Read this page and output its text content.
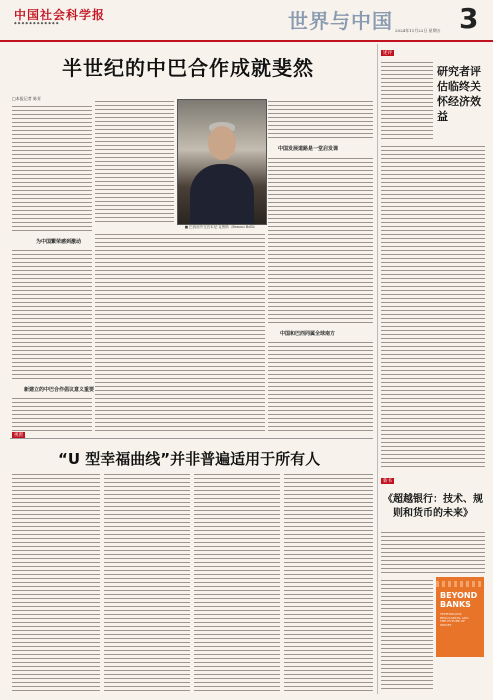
中国社会科学报
◆ ◆ ◆ ◆ ◆ ◆ ◆ ◆ ◆ ◆ ◆ ◆	世界与中国 3
2024年11月22日 星期五
半世纪的中巴合作成就斐然
□本报记者 陈亚
为中国繁荣感到激动
新建立的中巴合作倡议意义重要
■ 巴西前外交官本尼·克鲁斯（Benoni Belli）
中国发展道路是一堂启发课
中国和巴西同属全球南方
视窗
“U 型幸福曲线”并非普遍适用于所有人
述评
研究者评估临终关怀经济效益
新书
《超越银行：技术、规则和货币的未来》
BEYOND
BANKS
TECHNOLOGY,
REGULATION, AND
THE FUTURE OF
MONEY
